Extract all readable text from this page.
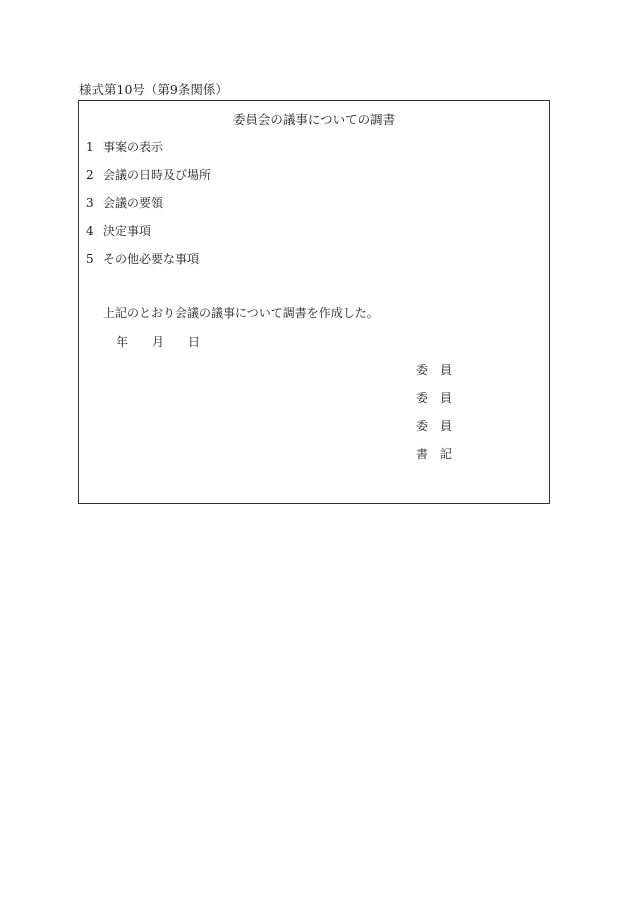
様式第10号（第9条関係）
委員会の議事についての調書
1 事案の表示
2 会議の日時及び場所
3 会議の要領
4 決定事項
5 その他必要な事項
上記のとおり会議の議事について調書を作成した。
年 月 日
委 員
委 員
委 員
書 記
